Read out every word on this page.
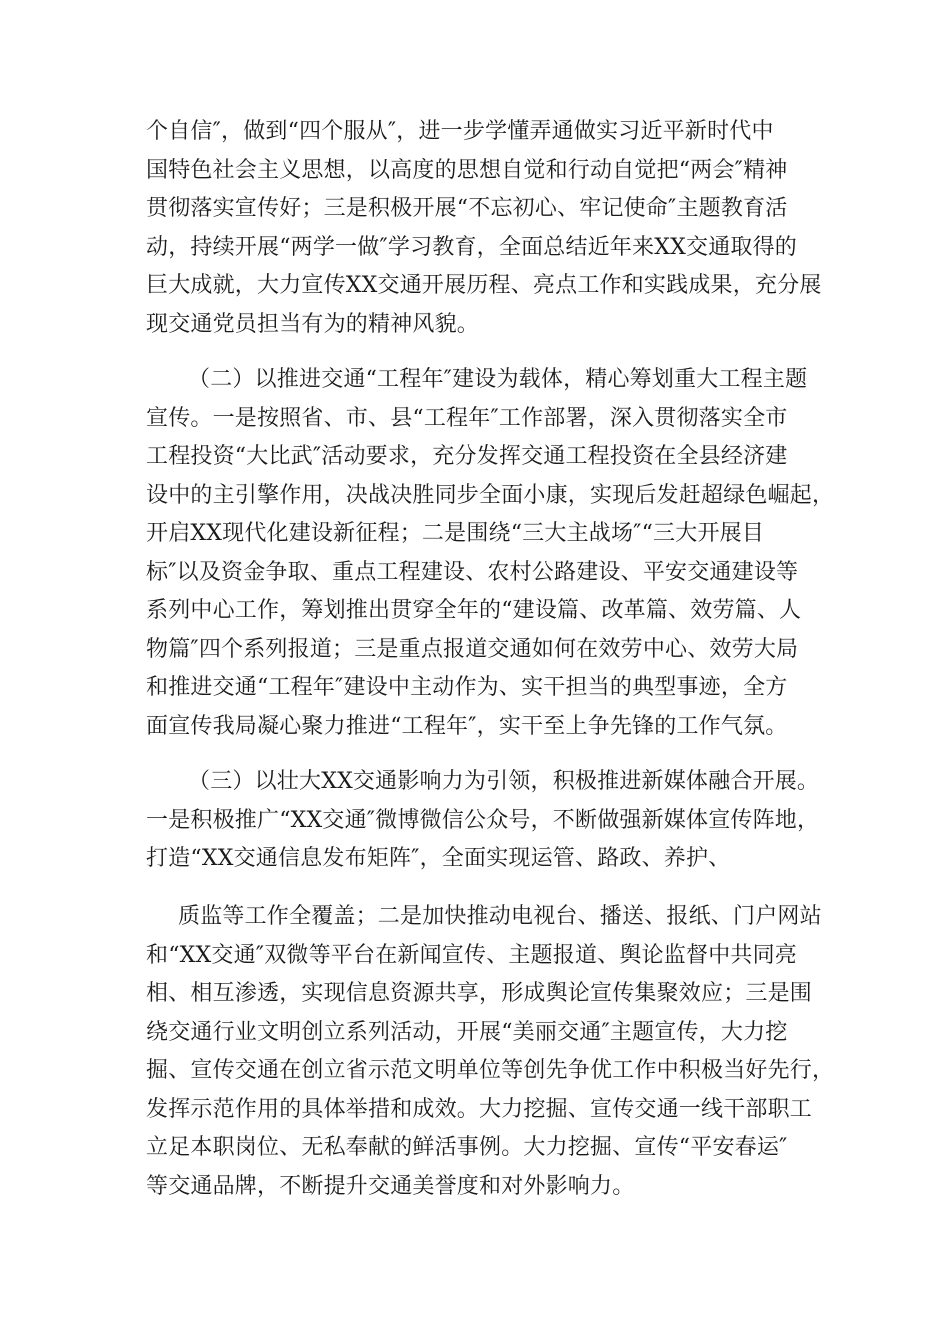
个自信″，做到“四个服从″，进一步学懂弄通做实习近平新时代中
国特色社会主义思想，以高度的思想自觉和行动自觉把“两会″精神
贯彻落实宣传好；三是积极开展“不忘初心、牢记使命″主题教育活
动，持续开展“两学一做″学习教育，全面总结近年来XX交通取得的
巨大成就，大力宣传XX交通开展历程、亮点工作和实践成果，充分展
现交通党员担当有为的精神风貌。
（二）以推进交通“工程年″建设为载体，精心筹划重大工程主题
宣传。一是按照省、市、县“工程年″工作部署，深入贯彻落实全市
工程投资“大比武″活动要求，充分发挥交通工程投资在全县经济建
设中的主引擎作用，决战决胜同步全面小康，实现后发赶超绿色崛起，
开启XX现代化建设新征程；二是围绕“三大主战场″“三大开展目
标″以及资金争取、重点工程建设、农村公路建设、平安交通建设等
系列中心工作，筹划推出贯穿全年的“建设篇、改革篇、效劳篇、人
物篇″四个系列报道；三是重点报道交通如何在效劳中心、效劳大局
和推进交通“工程年″建设中主动作为、实干担当的典型事迹，全方
面宣传我局凝心聚力推进“工程年″，实干至上争先锋的工作气氛。
（三）以壮大XX交通影响力为引领，积极推进新媒体融合开展。
一是积极推广“XX交通″微博微信公众号，不断做强新媒体宣传阵地，
打造“XX交通信息发布矩阵″，全面实现运管、路政、养护、
质监等工作全覆盖；二是加快推动电视台、播送、报纸、门户网站
和“XX交通″双微等平台在新闻宣传、主题报道、舆论监督中共同亮
相、相互渗透，实现信息资源共享，形成舆论宣传集聚效应；三是围
绕交通行业文明创立系列活动，开展“美丽交通″主题宣传，大力挖
掘、宣传交通在创立省示范文明单位等创先争优工作中积极当好先行，
发挥示范作用的具体举措和成效。大力挖掘、宣传交通一线干部职工
立足本职岗位、无私奉献的鲜活事例。大力挖掘、宣传“平安春运″
等交通品牌，不断提升交通美誉度和对外影响力。
